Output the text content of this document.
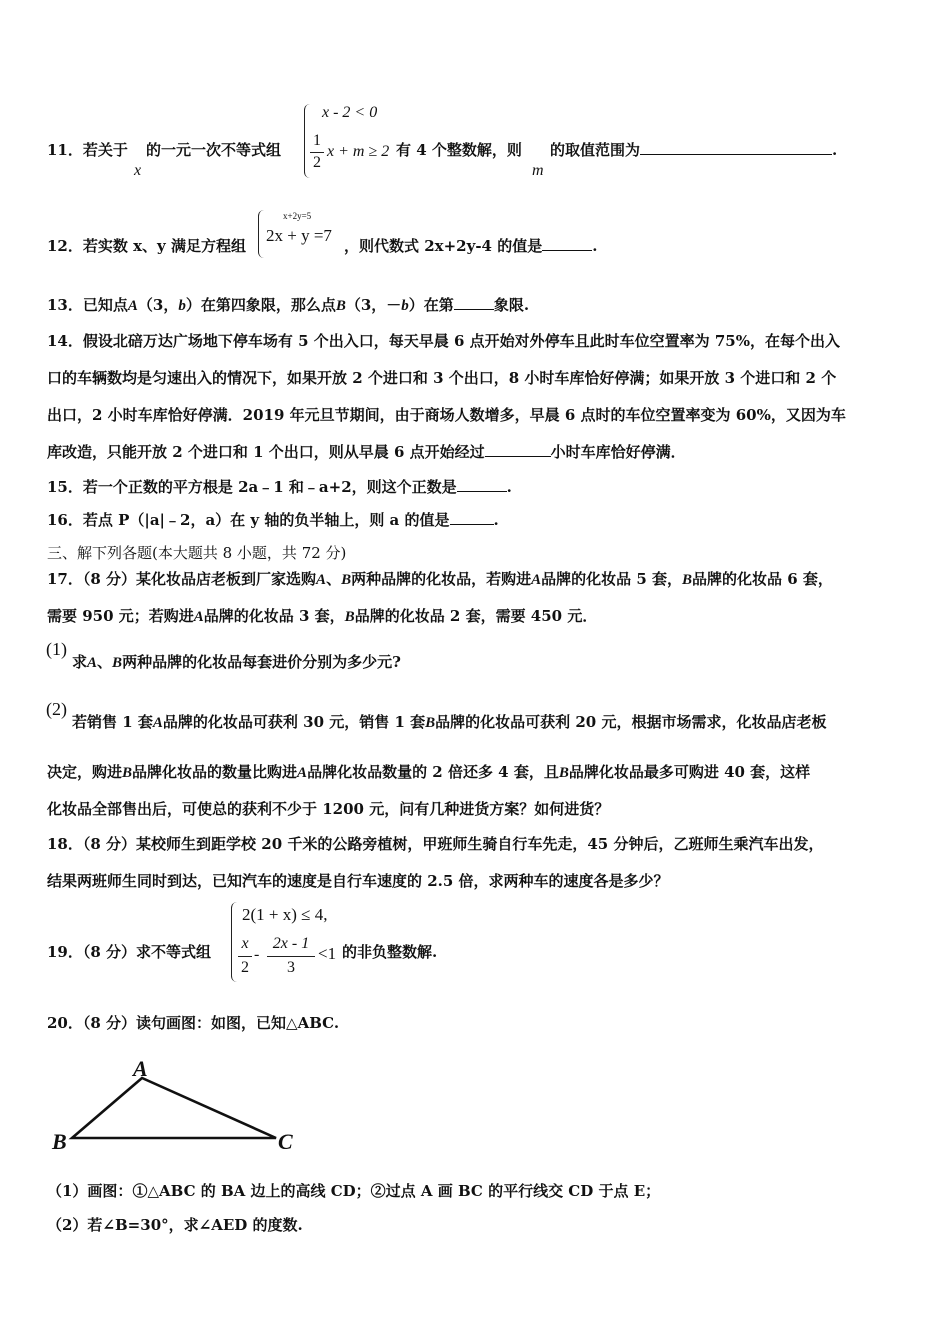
11．若关于
x
的一元一次不等式组
x - 2 < 0
1
2
x + m ≥ 2 有 4 个整数解，则
m
的取值范围为	.
12．若实数 x、y 满足方程组
x+2y=5
2x + y =7
，则代数式 2x+2y-4 的值是	.
13．已知点A（3，b）在第四象限，那么点B（3，－b）在第	象限.
14．假设北碚万达广场地下停车场有 5 个出入口，每天早晨 6 点开始对外停车且此时车位空置率为 75%，在每个出入
口的车辆数均是匀速出入的情况下，如果开放 2 个进口和 3 个出口，8 小时车库恰好停满；如果开放 3 个进口和 2 个
出口，2 小时车库恰好停满．2019 年元旦节期间，由于商场人数增多，早晨 6 点时的车位空置率变为 60%，又因为车
库改造，只能开放 2 个进口和 1 个出口，则从早晨 6 点开始经过	小时车库恰好停满．
15．若一个正数的平方根是 2a﹣1 和﹣a+2，则这个正数是	.
16．若点 P（|a|﹣2，a）在 y 轴的负半轴上，则 a 的值是	.
三、解下列各题(本大题共 8 小题，共 72 分)
17．（8 分）某化妆品店老板到厂家选购A、B两种品牌的化妆品，若购进A品牌的化妆品 5 套，B品牌的化妆品 6 套，
需要 950 元；若购进A品牌的化妆品 3 套，B品牌的化妆品 2 套，需要 450 元．
(1)
求A、B两种品牌的化妆品每套进价分别为多少元?
(2)
若销售 1 套A品牌的化妆品可获利 30 元，销售 1 套B品牌的化妆品可获利 20 元，根据市场需求，化妆品店老板
决定，购进B品牌化妆品的数量比购进A品牌化妆品数量的 2 倍还多 4 套，且B品牌化妆品最多可购进 40 套，这样
化妆品全部售出后，可使总的获利不少于 1200 元，问有几种进货方案？如何进货？
18．（8 分）某校师生到距学校 20 千米的公路旁植树，甲班师生骑自行车先走，45 分钟后，乙班师生乘汽车出发，
结果两班师生同时到达，已知汽车的速度是自行车速度的 2.5 倍，求两种车的速度各是多少？
19．（8 分）求不等式组
2(1 + x) ≤ 4,
x
2
-
2x - 1
3
<1 的非负整数解.
20．（8 分）读句画图：如图，已知△ABC.
A
B	C
（1）画图：①△ABC 的 BA 边上的高线 CD；②过点 A 画 BC 的平行线交 CD 于点 E；
（2）若∠B=30°，求∠AED 的度数.
